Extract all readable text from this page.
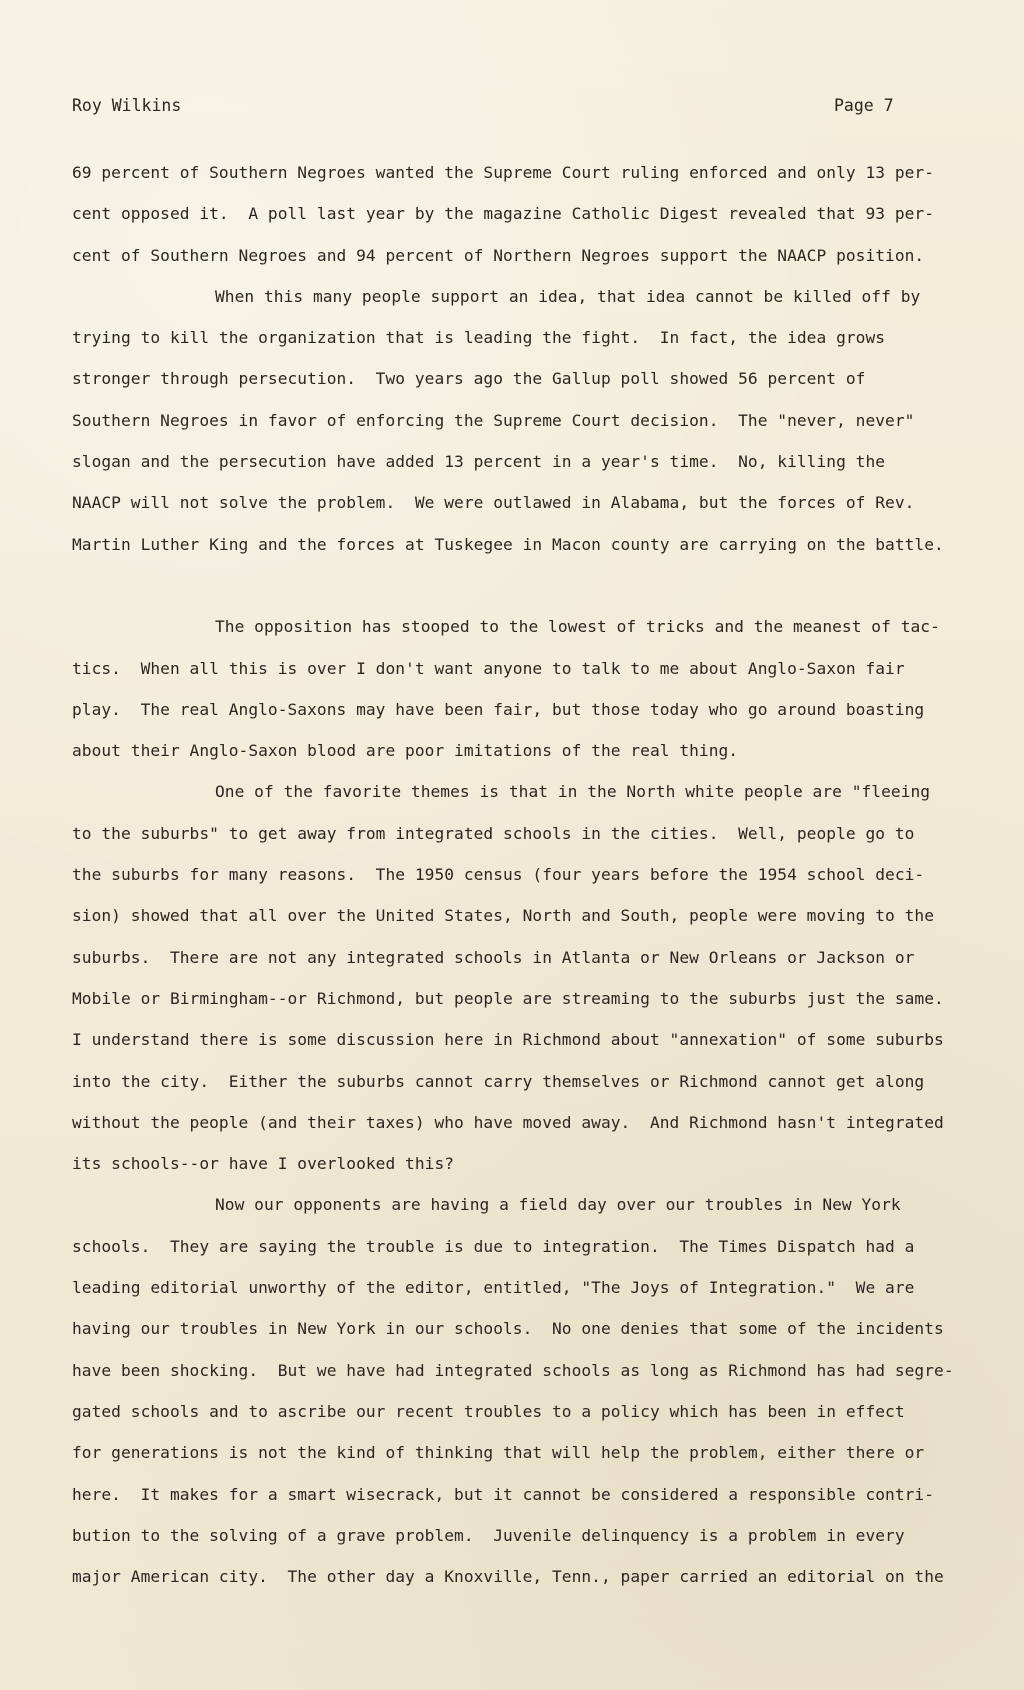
Roy Wilkins	Page 7
69 percent of Southern Negroes wanted the Supreme Court ruling enforced and only 13 per-
cent opposed it.  A poll last year by the magazine Catholic Digest revealed that 93 per-
cent of Southern Negroes and 94 percent of Northern Negroes support the NAACP position.
When this many people support an idea, that idea cannot be killed off by
trying to kill the organization that is leading the fight.  In fact, the idea grows
stronger through persecution.  Two years ago the Gallup poll showed 56 percent of
Southern Negroes in favor of enforcing the Supreme Court decision.  The "never, never"
slogan and the persecution have added 13 percent in a year's time.  No, killing the
NAACP will not solve the problem.  We were outlawed in Alabama, but the forces of Rev.
Martin Luther King and the forces at Tuskegee in Macon county are carrying on the battle.
The opposition has stooped to the lowest of tricks and the meanest of tac-
tics.  When all this is over I don't want anyone to talk to me about Anglo-Saxon fair
play.  The real Anglo-Saxons may have been fair, but those today who go around boasting
about their Anglo-Saxon blood are poor imitations of the real thing.
One of the favorite themes is that in the North white people are "fleeing
to the suburbs" to get away from integrated schools in the cities.  Well, people go to
the suburbs for many reasons.  The 1950 census (four years before the 1954 school deci-
sion) showed that all over the United States, North and South, people were moving to the
suburbs.  There are not any integrated schools in Atlanta or New Orleans or Jackson or
Mobile or Birmingham--or Richmond, but people are streaming to the suburbs just the same.
I understand there is some discussion here in Richmond about "annexation" of some suburbs
into the city.  Either the suburbs cannot carry themselves or Richmond cannot get along
without the people (and their taxes) who have moved away.  And Richmond hasn't integrated
its schools--or have I overlooked this?
Now our opponents are having a field day over our troubles in New York
schools.  They are saying the trouble is due to integration.  The Times Dispatch had a
leading editorial unworthy of the editor, entitled, "The Joys of Integration."  We are
having our troubles in New York in our schools.  No one denies that some of the incidents
have been shocking.  But we have had integrated schools as long as Richmond has had segre-
gated schools and to ascribe our recent troubles to a policy which has been in effect
for generations is not the kind of thinking that will help the problem, either there or
here.  It makes for a smart wisecrack, but it cannot be considered a responsible contri-
bution to the solving of a grave problem.  Juvenile delinquency is a problem in every
major American city.  The other day a Knoxville, Tenn., paper carried an editorial on the
